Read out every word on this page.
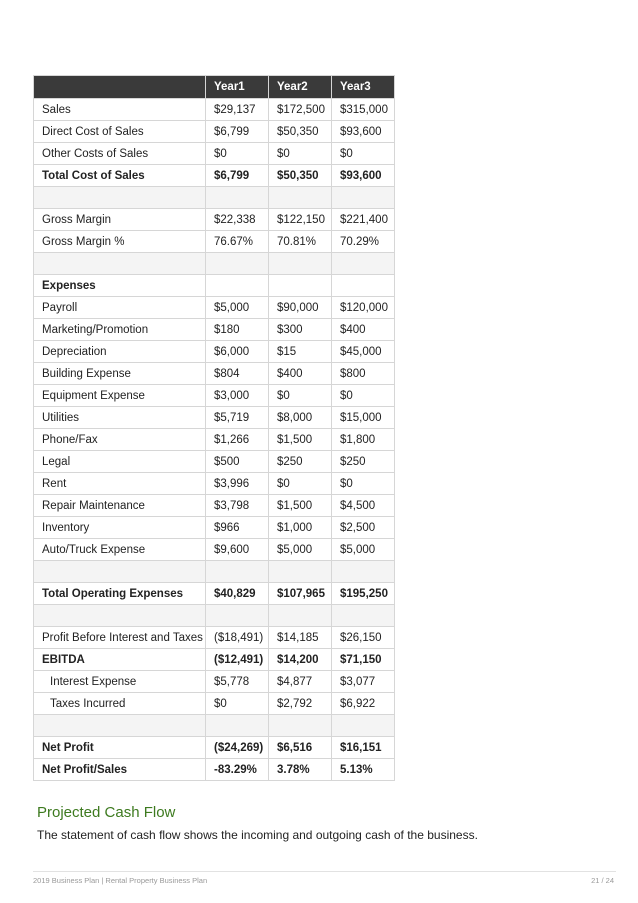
	Year1	Year2	Year3
Sales	$29,137	$172,500	$315,000
Direct Cost of Sales	$6,799	$50,350	$93,600
Other Costs of Sales	$0	$0	$0
Total Cost of Sales	$6,799	$50,350	$93,600

Gross Margin	$22,338	$122,150	$221,400
Gross Margin %	76.67%	70.81%	70.29%

Expenses			
Payroll	$5,000	$90,000	$120,000
Marketing/Promotion	$180	$300	$400
Depreciation	$6,000	$15	$45,000
Building Expense	$804	$400	$800
Equipment Expense	$3,000	$0	$0
Utilities	$5,719	$8,000	$15,000
Phone/Fax	$1,266	$1,500	$1,800
Legal	$500	$250	$250
Rent	$3,996	$0	$0
Repair Maintenance	$3,798	$1,500	$4,500
Inventory	$966	$1,000	$2,500
Auto/Truck Expense	$9,600	$5,000	$5,000

Total Operating Expenses	$40,829	$107,965	$195,250

Profit Before Interest and Taxes	($18,491)	$14,185	$26,150
EBITDA	($12,491)	$14,200	$71,150
Interest Expense	$5,778	$4,877	$3,077
Taxes Incurred	$0	$2,792	$6,922

Net Profit	($24,269)	$6,516	$16,151
Net Profit/Sales	-83.29%	3.78%	5.13%
Projected Cash Flow

The statement of cash flow shows the incoming and outgoing cash of the business.

2019 Business Plan | Rental Property Business Plan	21 / 24
